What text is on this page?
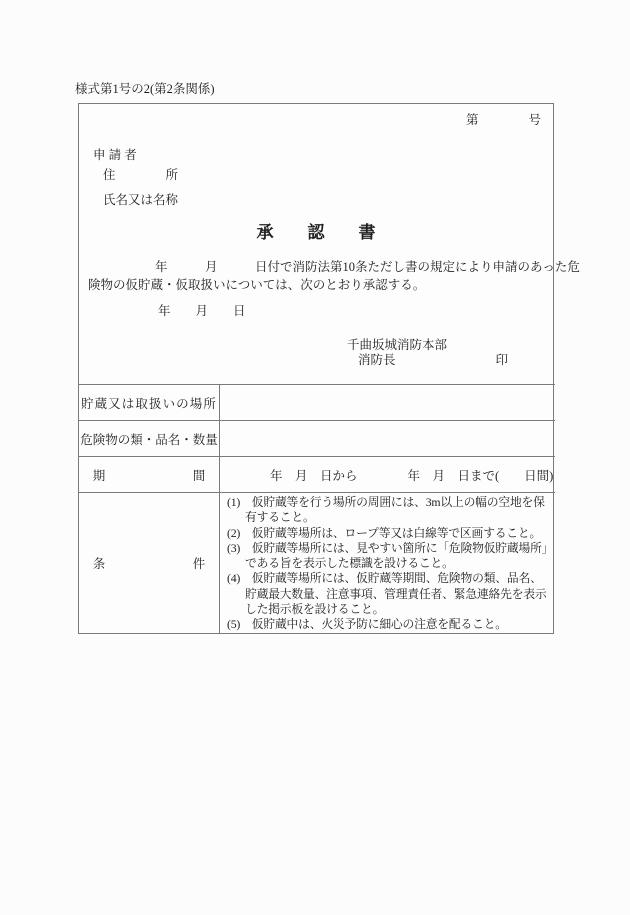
様式第1号の2(第2条関係)
第　　　　号
申 請 者
住　　　　所
氏名又は名称
承　　認　　書
年　　　月　　　日付で消防法第10条ただし書の規定により申請のあった危
険物の仮貯蔵・仮取扱いについては、次のとおり承認する。
年　　月　　日
千曲坂城消防本部
消防長　　　　　　　　印
貯蔵又は取扱いの場所
危険物の類・品名・数量
期　　　　　　　間	　　　　年　月　日から　　　　年　月　日まで(　　日間)
条　　　　　　　件
(1)　仮貯蔵等を行う場所の周囲には、3m以上の幅の空地を保
有すること。
(2)　仮貯蔵等場所は、ロープ等又は白線等で区画すること。
(3)　仮貯蔵等場所には、見やすい箇所に「危険物仮貯蔵場所」
である旨を表示した標識を設けること。
(4)　仮貯蔵等場所には、仮貯蔵等期間、危険物の類、品名、
貯蔵最大数量、注意事項、管理責任者、緊急連絡先を表示
した掲示板を設けること。
(5)　仮貯蔵中は、火災予防に細心の注意を配ること。
